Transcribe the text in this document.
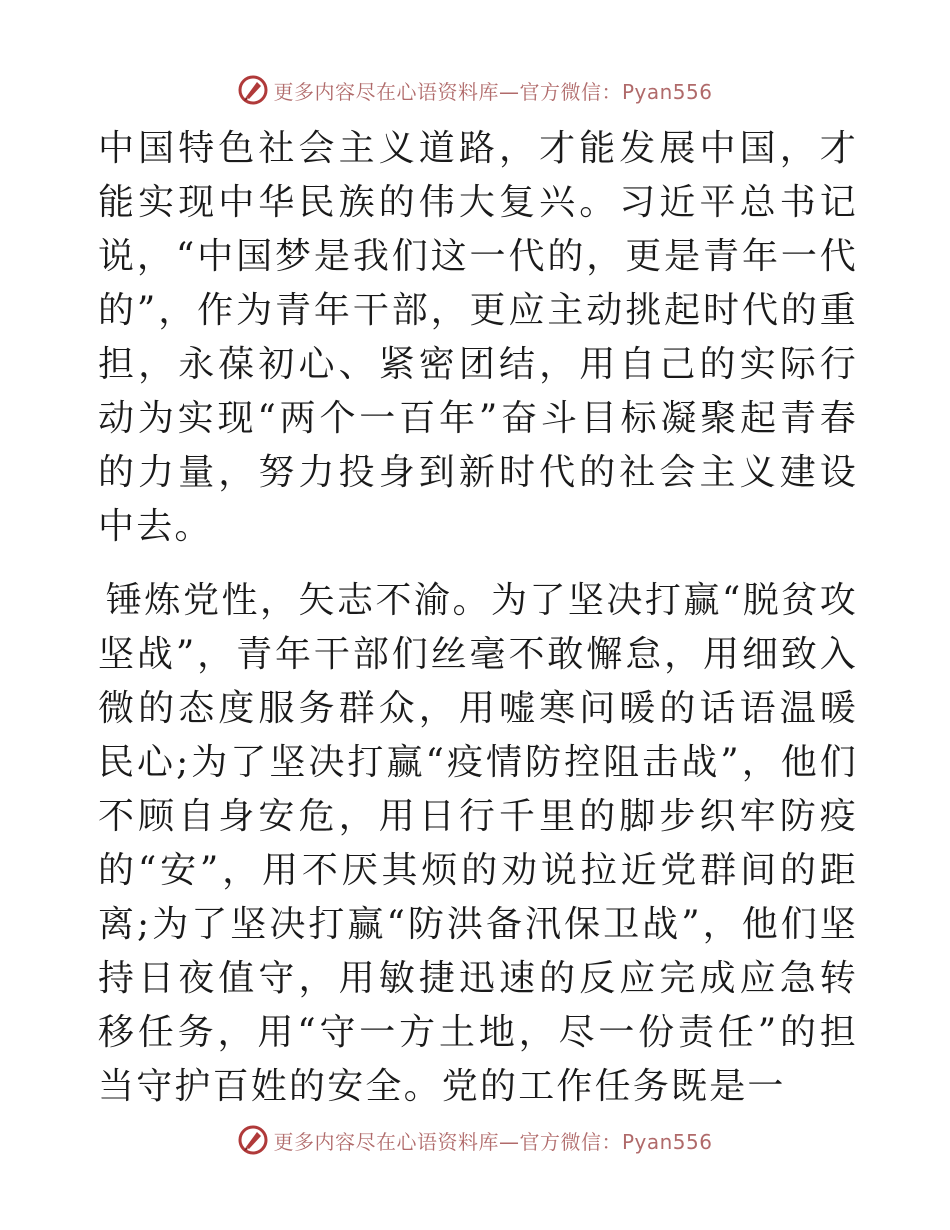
更多内容尽在心语资料库—官方微信：Pyan556

中国特色社会主义道路，才能发展中国，才能实现中华民族的伟大复兴。习近平总书记说，“中国梦是我们这一代的，更是青年一代的”，作为青年干部，更应主动挑起时代的重担，永葆初心、紧密团结，用自己的实际行动为实现“两个一百年”奋斗目标凝聚起青春的力量，努力投身到新时代的社会主义建设中去。

锤炼党性，矢志不渝。为了坚决打赢“脱贫攻坚战”，青年干部们丝毫不敢懈怠，用细致入微的态度服务群众，用嘘寒问暖的话语温暖民心;为了坚决打赢“疫情防控阻击战”，他们不顾自身安危，用日行千里的脚步织牢防疫的“安”，用不厌其烦的劝说拉近党群间的距离;为了坚决打赢“防洪备汛保卫战”，他们坚持日夜值守，用敏捷迅速的反应完成应急转移任务，用“守一方土地，尽一份责任”的担当守护百姓的安全。党的工作任务既是一

更多内容尽在心语资料库—官方微信：Pyan556
